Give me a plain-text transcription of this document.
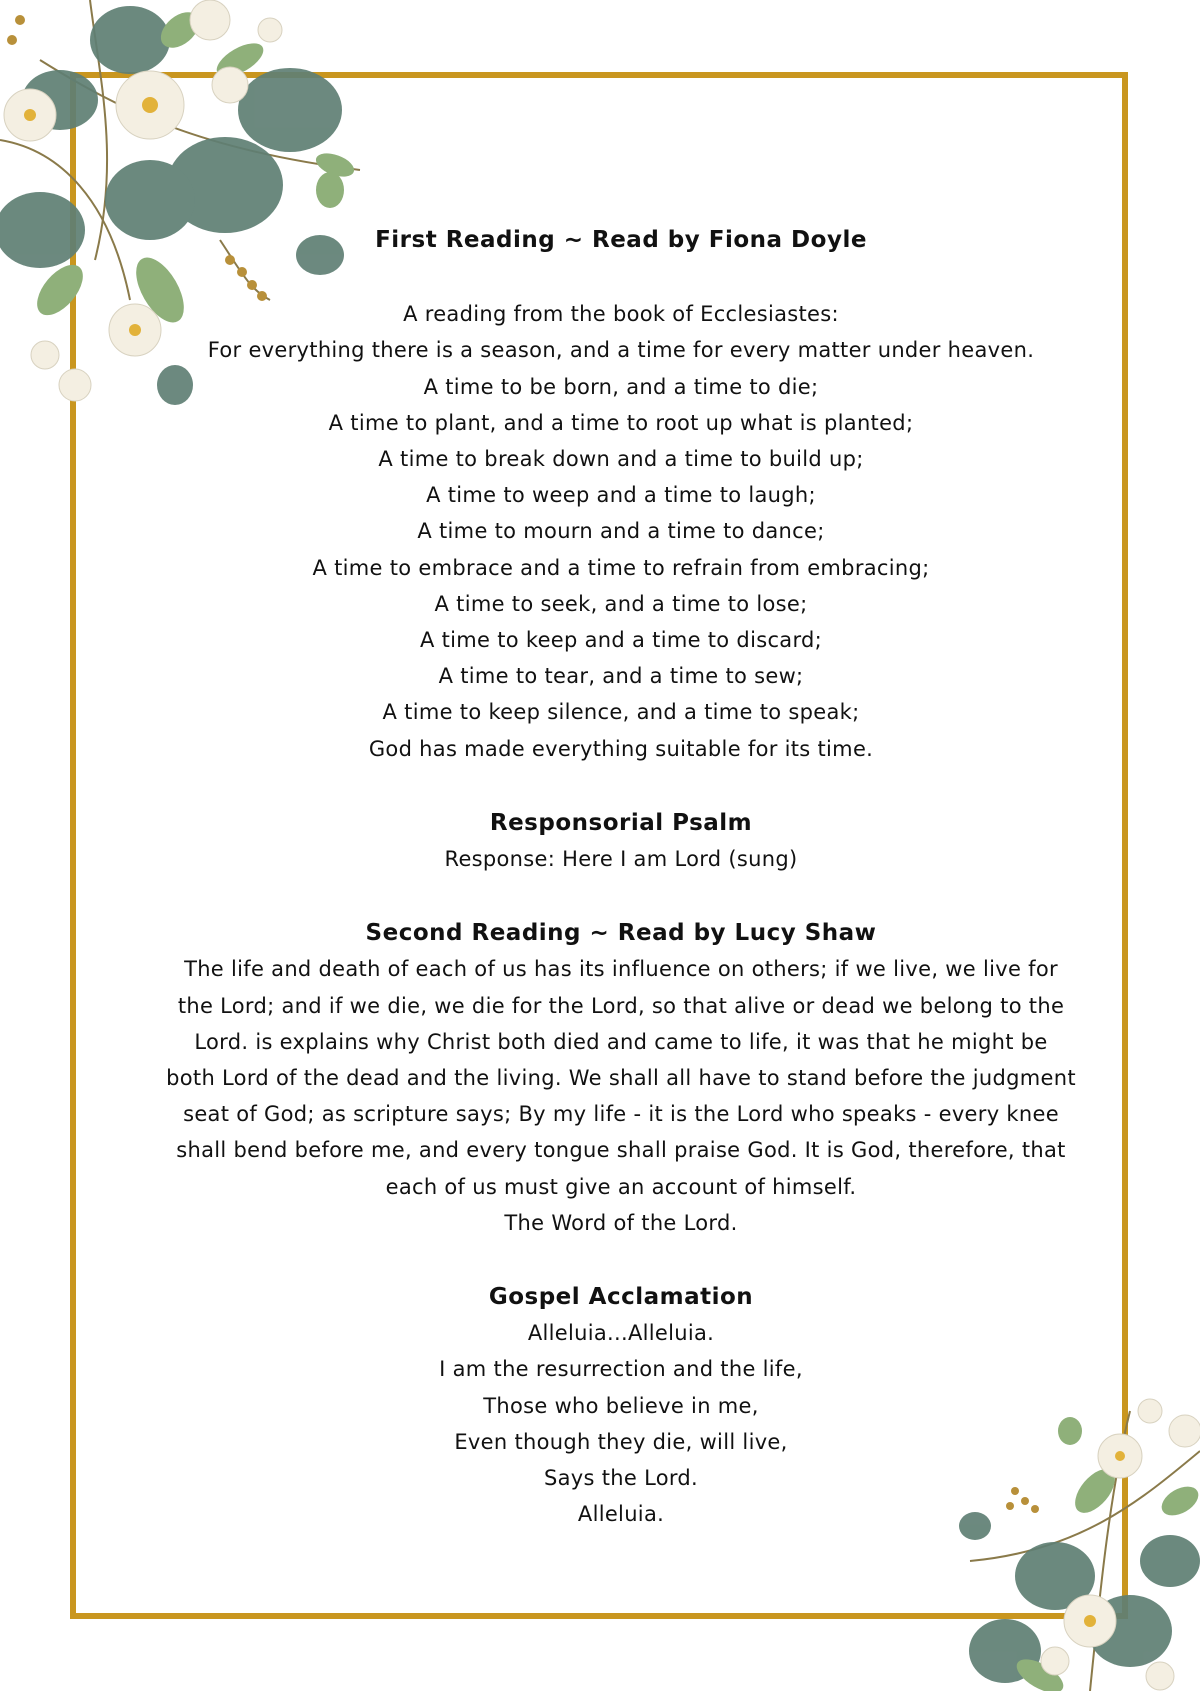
First Reading ~ Read by Fiona Doyle

A reading from the book of Ecclesiastes:

For everything there is a season, and a time for every matter under heaven.

A time to be born, and a time to die;

A time to plant, and a time to root up what is planted;

A time to break down and a time to build up;

A time to weep and a time to laugh;

A time to mourn and a time to dance;

A time to embrace and a time to refrain from embracing;

A time to seek, and a time to lose;

A time to keep and a time to discard;

A time to tear, and a time to sew;

A time to keep silence, and a time to speak;

God has made everything suitable for its time.

Responsorial Psalm

Response: Here I am Lord (sung)

Second Reading ~ Read by Lucy Shaw

The life and death of each of us has its influence on others; if we live, we live for

the Lord; and if we die, we die for the Lord, so that alive or dead we belong to the

Lord. is explains why Christ both died and came to life, it was that he might be

both Lord of the dead and the living. We shall all have to stand before the judgment

seat of God; as scripture says; By my life - it is the Lord who speaks - every knee

shall bend before me, and every tongue shall praise God. It is God, therefore, that

each of us must give an account of himself.

The Word of the Lord.

Gospel Acclamation

Alleluia...Alleluia.

I am the resurrection and the life,

Those who believe in me,

Even though they die, will live,

Says the Lord.

Alleluia.
